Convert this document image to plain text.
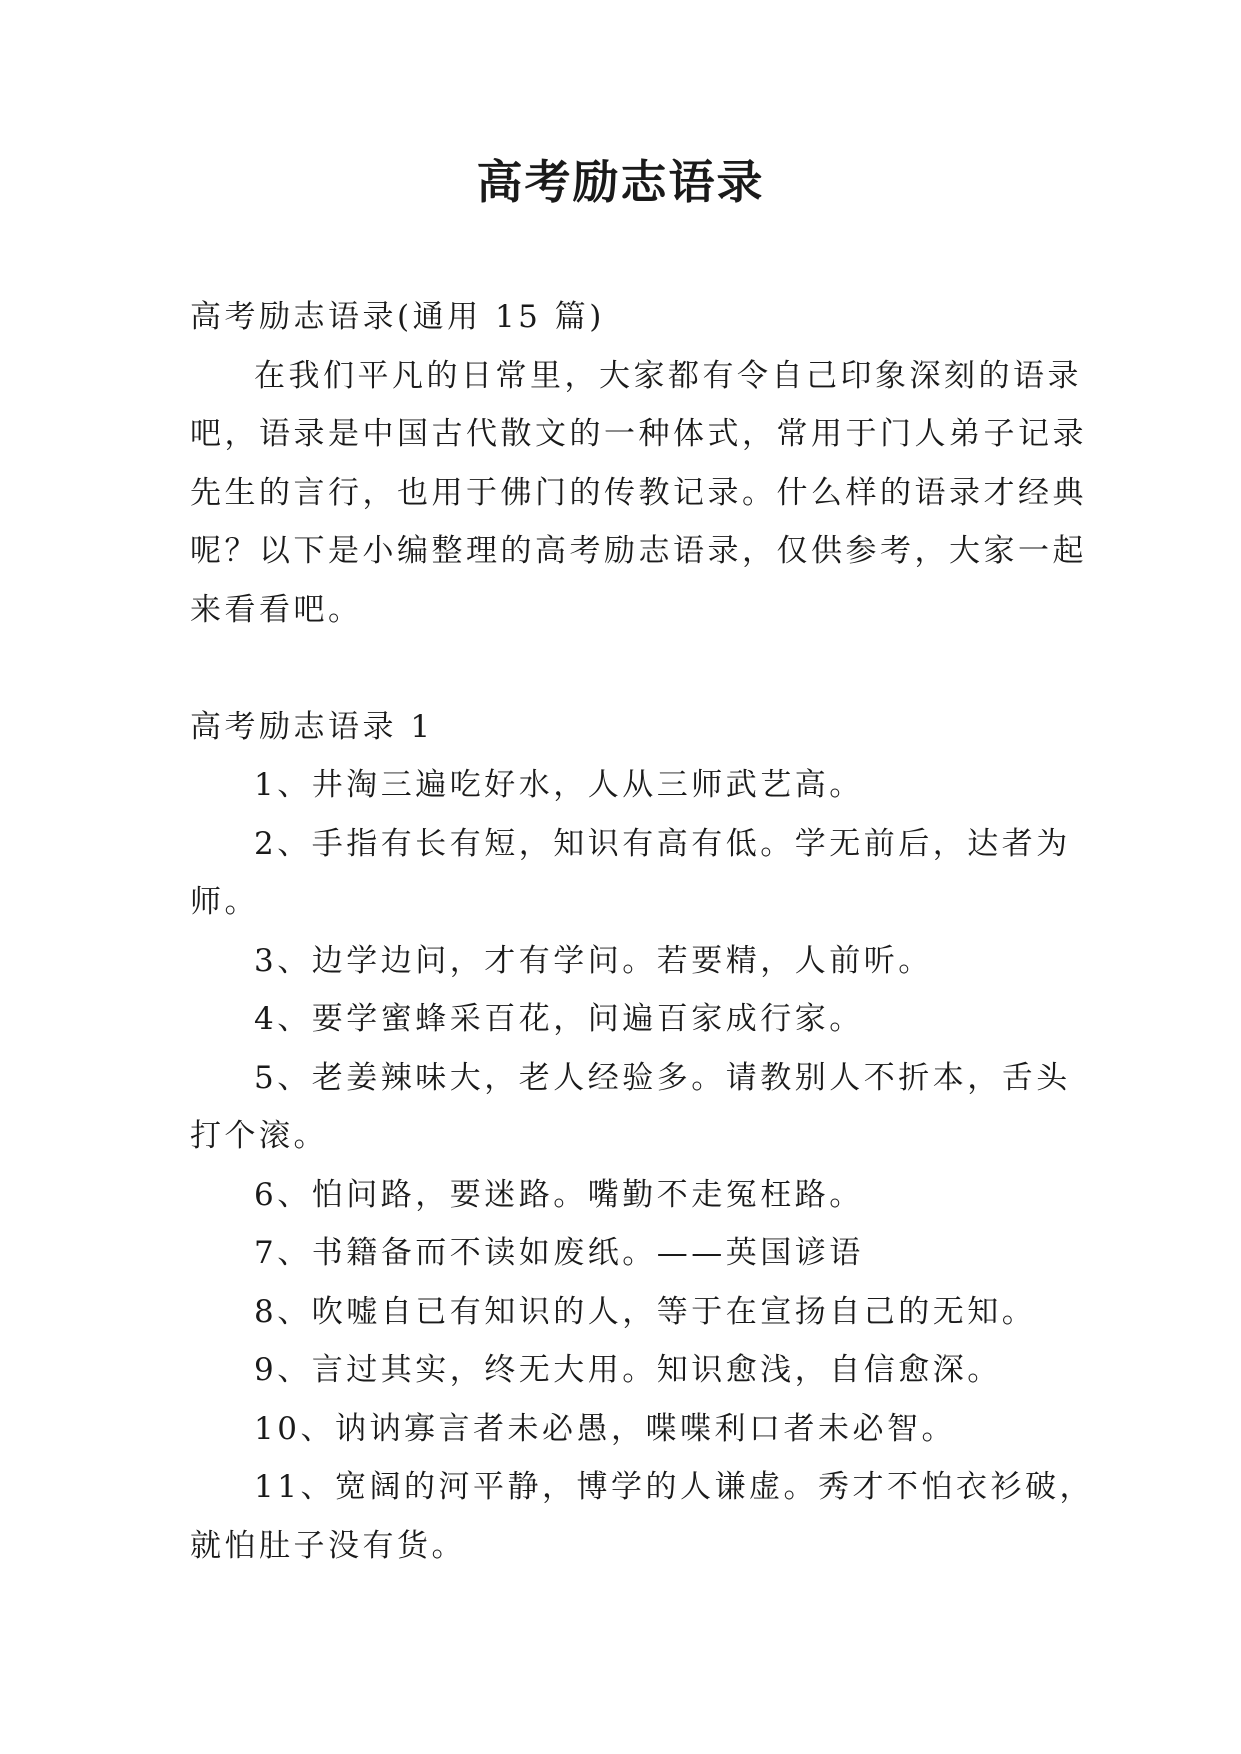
高考励志语录
高考励志语录(通用 15 篇)
在我们平凡的日常里，大家都有令自己印象深刻的语录
吧，语录是中国古代散文的一种体式，常用于门人弟子记录
先生的言行，也用于佛门的传教记录。什么样的语录才经典
呢？以下是小编整理的高考励志语录，仅供参考，大家一起
来看看吧。
高考励志语录 1
1、井淘三遍吃好水，人从三师武艺高。
2、手指有长有短，知识有高有低。学无前后，达者为
师。
3、边学边问，才有学问。若要精，人前听。
4、要学蜜蜂采百花，问遍百家成行家。
5、老姜辣味大，老人经验多。请教别人不折本，舌头
打个滚。
6、怕问路，要迷路。嘴勤不走冤枉路。
7、书籍备而不读如废纸。——英国谚语
8、吹嘘自已有知识的人，等于在宣扬自己的无知。
9、言过其实，终无大用。知识愈浅，自信愈深。
10、讷讷寡言者未必愚，喋喋利口者未必智。
11、宽阔的河平静，博学的人谦虚。秀才不怕衣衫破，
就怕肚子没有货。
